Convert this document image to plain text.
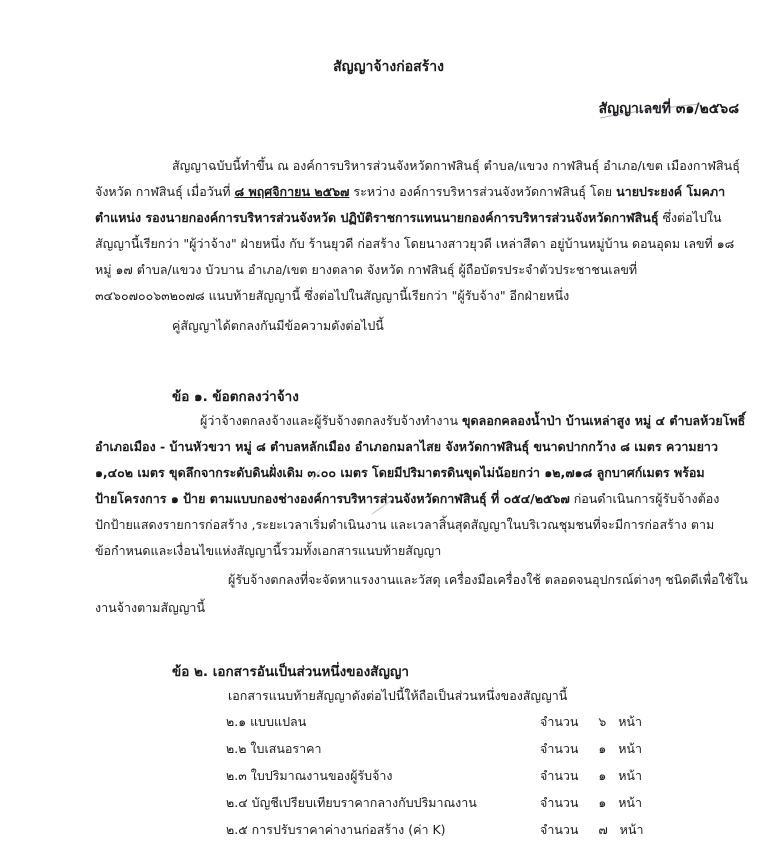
สัญญาจ้างก่อสร้าง
สัญญาเลขที่ ๓๑/๒๕๖๘
สัญญาฉบับนี้ทำขึ้น ณ องค์การบริหารส่วนจังหวัดกาฬสินธุ์ ตำบล/แขวง กาฬสินธุ์ อำเภอ/เขต เมืองกาฬสินธุ์
จังหวัด กาฬสินธุ์ เมื่อวันที่ ๘ พฤศจิกายน ๒๕๖๗ ระหว่าง องค์การบริหารส่วนจังหวัดกาฬสินธุ์ โดย นายประยงค์ โมคภา
ตำแหน่ง รองนายกองค์การบริหารส่วนจังหวัด ปฏิบัติราชการแทนนายกองค์การบริหารส่วนจังหวัดกาฬสินธุ์ ซึ่งต่อไปใน
สัญญานี้เรียกว่า "ผู้ว่าจ้าง" ฝ่ายหนึ่ง กับ ร้านยุวดี ก่อสร้าง โดยนางสาวยุวดี เหล่าสีดา อยู่บ้านหมู่บ้าน ดอนอุดม เลขที่ ๑๘
หมู่ ๑๗ ตำบล/แขวง บัวบาน อำเภอ/เขต ยางตลาด จังหวัด กาฬสินธุ์ ผู้ถือบัตรประจำตัวประชาชนเลขที่
๓๔๖๐๗๐๐๖๓๒๐๗๘ แนบท้ายสัญญานี้ ซึ่งต่อไปในสัญญานี้เรียกว่า "ผู้รับจ้าง" อีกฝ่ายหนึ่ง
คู่สัญญาได้ตกลงกันมีข้อความดังต่อไปนี้
ข้อ ๑. ข้อตกลงว่าจ้าง
ผู้ว่าจ้างตกลงจ้างและผู้รับจ้างตกลงรับจ้างทำงาน ขุดลอกคลองน้ำป่า บ้านเหล่าสูง หมู่ ๔ ตำบลห้วยโพธิ์
อำเภอเมือง - บ้านหัวขวา หมู่ ๘ ตำบลหลักเมือง อำเภอกมลาไสย จังหวัดกาฬสินธุ์ ขนาดปากกว้าง ๘ เมตร ความยาว
๑,๔๐๒ เมตร ขุดลึกจากระดับดินฝั่งเดิม ๓.๐๐ เมตร โดยมีปริมาตรดินขุดไม่น้อยกว่า ๑๒,๗๑๘ ลูกบาศก์เมตร พร้อม
ป้ายโครงการ ๑ ป้าย ตามแบบกองช่างองค์การบริหารส่วนจังหวัดกาฬสินธุ์ ที่ ๐๕๔/๒๕๖๗ ก่อนดำเนินการผู้รับจ้างต้อง
ปักป้ายแสดงรายการก่อสร้าง ,ระยะเวลาเริ่มดำเนินงาน และเวลาสิ้นสุดสัญญาในบริเวณชุมชนที่จะมีการก่อสร้าง ตาม
ข้อกำหนดและเงื่อนไขแห่งสัญญานี้รวมทั้งเอกสารแนบท้ายสัญญา
ผู้รับจ้างตกลงที่จะจัดหาแรงงานและวัสดุ เครื่องมือเครื่องใช้ ตลอดจนอุปกรณ์ต่างๆ ชนิดดีเพื่อใช้ใน
งานจ้างตามสัญญานี้
ข้อ ๒. เอกสารอันเป็นส่วนหนึ่งของสัญญา
เอกสารแนบท้ายสัญญาดังต่อไปนี้ให้ถือเป็นส่วนหนึ่งของสัญญานี้
๒.๑ แบบแปลน	จำนวน ๖ หน้า
๒.๒ ใบเสนอราคา	จำนวน ๑ หน้า
๒.๓ ใบปริมาณงานของผู้รับจ้าง	จำนวน ๑ หน้า
๒.๔ บัญชีเปรียบเทียบราคากลางกับปริมาณงาน	จำนวน ๑ หน้า
๒.๕ การปรับราคาค่างานก่อสร้าง (ค่า K)	จำนวน ๗ หน้า
